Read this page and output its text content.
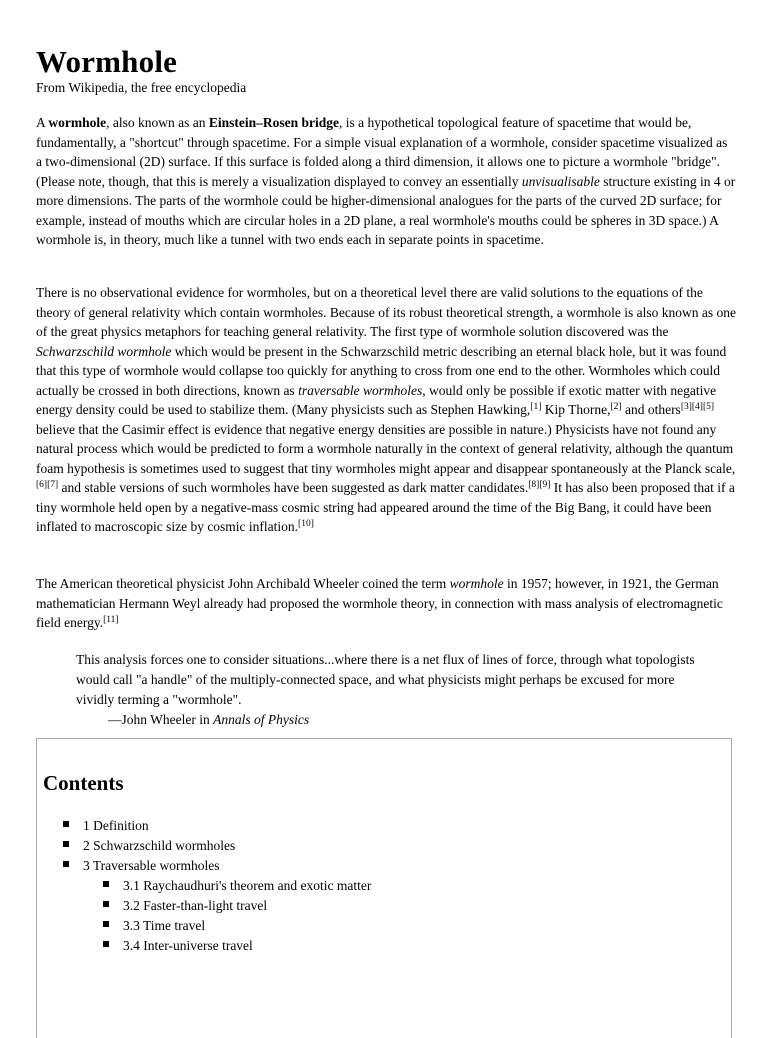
Wormhole
From Wikipedia, the free encyclopedia

A wormhole, also known as an Einstein–Rosen bridge, is a hypothetical topological feature of spacetime that would be, fundamentally, a "shortcut" through spacetime. For a simple visual explanation of a wormhole, consider spacetime visualized as a two-dimensional (2D) surface. If this surface is folded along a third dimension, it allows one to picture a wormhole "bridge". (Please note, though, that this is merely a visualization displayed to convey an essentially unvisualisable structure existing in 4 or more dimensions. The parts of the wormhole could be higher-dimensional analogues for the parts of the curved 2D surface; for example, instead of mouths which are circular holes in a 2D plane, a real wormhole's mouths could be spheres in 3D space.) A wormhole is, in theory, much like a tunnel with two ends each in separate points in spacetime.

There is no observational evidence for wormholes, but on a theoretical level there are valid solutions to the equations of the theory of general relativity which contain wormholes. Because of its robust theoretical strength, a wormhole is also known as one of the great physics metaphors for teaching general relativity. The first type of wormhole solution discovered was the Schwarzschild wormhole which would be present in the Schwarzschild metric describing an eternal black hole, but it was found that this type of wormhole would collapse too quickly for anything to cross from one end to the other. Wormholes which could actually be crossed in both directions, known as traversable wormholes, would only be possible if exotic matter with negative energy density could be used to stabilize them. (Many physicists such as Stephen Hawking,[1] Kip Thorne,[2] and others[3][4][5] believe that the Casimir effect is evidence that negative energy densities are possible in nature.) Physicists have not found any natural process which would be predicted to form a wormhole naturally in the context of general relativity, although the quantum foam hypothesis is sometimes used to suggest that tiny wormholes might appear and disappear spontaneously at the Planck scale,[6][7] and stable versions of such wormholes have been suggested as dark matter candidates.[8][9] It has also been proposed that if a tiny wormhole held open by a negative-mass cosmic string had appeared around the time of the Big Bang, it could have been inflated to macroscopic size by cosmic inflation.[10]

The American theoretical physicist John Archibald Wheeler coined the term wormhole in 1957; however, in 1921, the German mathematician Hermann Weyl already had proposed the wormhole theory, in connection with mass analysis of electromagnetic field energy.[11]

This analysis forces one to consider situations...where there is a net flux of lines of force, through what topologists would call "a handle" of the multiply-connected space, and what physicists might perhaps be excused for more vividly terming a "wormhole".
—John Wheeler in Annals of Physics
Contents
1 Definition
2 Schwarzschild wormholes
3 Traversable wormholes
3.1 Raychaudhuri's theorem and exotic matter
3.2 Faster-than-light travel
3.3 Time travel
3.4 Inter-universe travel
